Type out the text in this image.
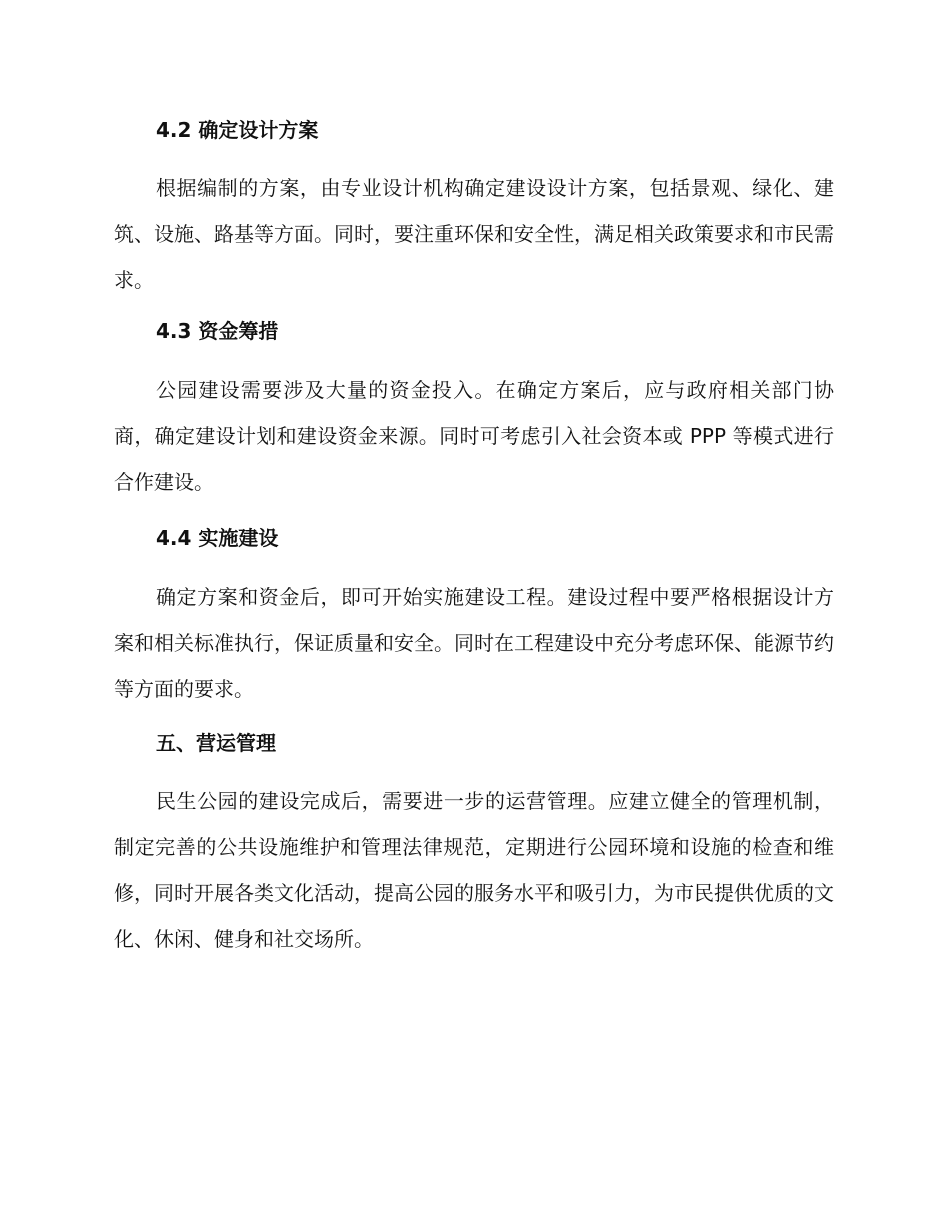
4.2 确定设计方案

根据编制的方案，由专业设计机构确定建设设计方案，包括景观、绿化、建筑、设施、路基等方面。同时，要注重环保和安全性，满足相关政策要求和市民需求。

4.3 资金筹措

公园建设需要涉及大量的资金投入。在确定方案后，应与政府相关部门协商，确定建设计划和建设资金来源。同时可考虑引入社会资本或 PPP 等模式进行合作建设。

4.4 实施建设

确定方案和资金后，即可开始实施建设工程。建设过程中要严格根据设计方案和相关标准执行，保证质量和安全。同时在工程建设中充分考虑环保、能源节约等方面的要求。

五、营运管理

民生公园的建设完成后，需要进一步的运营管理。应建立健全的管理机制，制定完善的公共设施维护和管理法律规范，定期进行公园环境和设施的检查和维修，同时开展各类文化活动，提高公园的服务水平和吸引力，为市民提供优质的文化、休闲、健身和社交场所。
